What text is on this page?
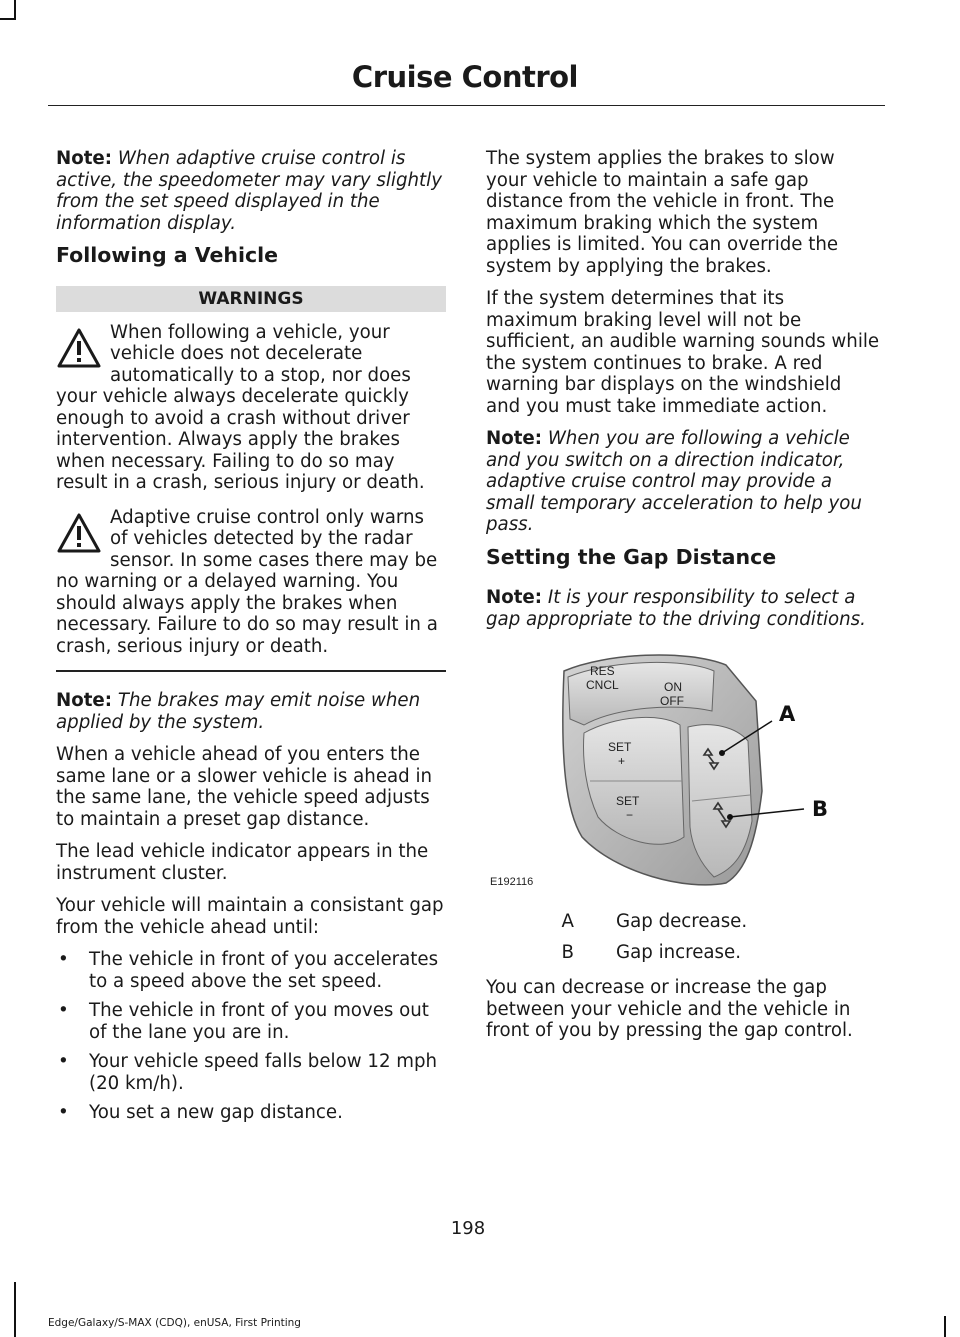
Cruise Control

Note: When adaptive cruise control is active, the speedometer may vary slightly from the set speed displayed in the information display.

Following a Vehicle
WARNINGS
When following a vehicle, your vehicle does not decelerate automatically to a stop, nor does your vehicle always decelerate quickly enough to avoid a crash without driver intervention. Always apply the brakes when necessary. Failing to do so may result in a crash, serious injury or death.
Adaptive cruise control only warns of vehicles detected by the radar sensor. In some cases there may be no warning or a delayed warning. You should always apply the brakes when necessary. Failure to do so may result in a crash, serious injury or death.

Note: The brakes may emit noise when applied by the system.

When a vehicle ahead of you enters the same lane or a slower vehicle is ahead in the same lane, the vehicle speed adjusts to maintain a preset gap distance.

The lead vehicle indicator appears in the instrument cluster.

Your vehicle will maintain a consistant gap from the vehicle ahead until:

• The vehicle in front of you accelerates to a speed above the set speed.
• The vehicle in front of you moves out of the lane you are in.
• Your vehicle speed falls below 12 mph (20 km/h).
• You set a new gap distance.

The system applies the brakes to slow your vehicle to maintain a safe gap distance from the vehicle in front. The maximum braking which the system applies is limited. You can override the system by applying the brakes.

If the system determines that its maximum braking level will not be sufficient, an audible warning sounds while the system continues to brake. A red warning bar displays on the windshield and you must take immediate action.

Note: When you are following a vehicle and you switch on a direction indicator, adaptive cruise control may provide a small temporary acceleration to help you pass.

Setting the Gap Distance

Note: It is your responsibility to select a gap appropriate to the driving conditions.

RES
CNCL	ON
OFF
SET
+
SET
−
A
B
E192116
A Gap decrease.
B Gap increase.

You can decrease or increase the gap between your vehicle and the vehicle in front of you by pressing the gap control.

198
Edge/Galaxy/S-MAX (CDQ), enUSA, First Printing
